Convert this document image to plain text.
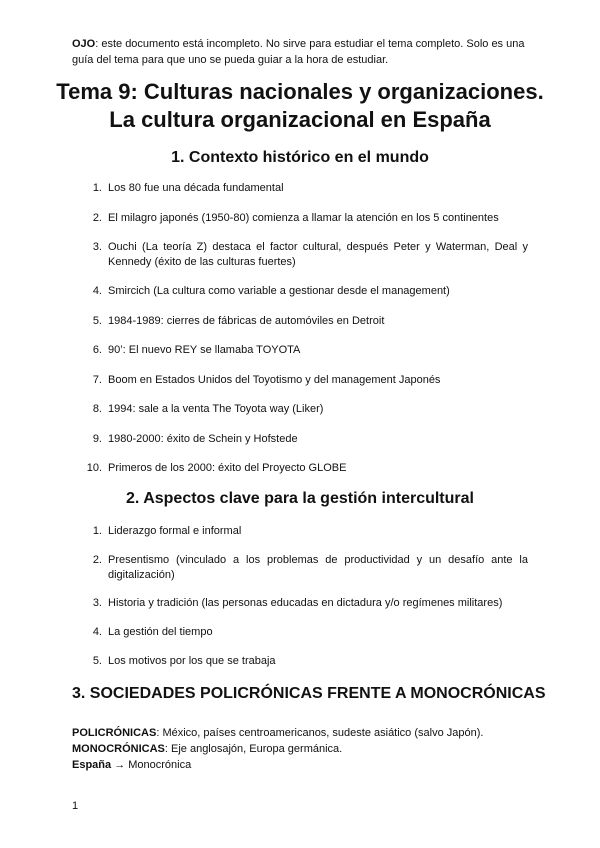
OJO: este documento está incompleto. No sirve para estudiar el tema completo. Solo es una guía del tema para que uno se pueda guiar a la hora de estudiar.

Tema 9: Culturas nacionales y organizaciones.
La cultura organizacional en España
1. Contexto histórico en el mundo
1. Los 80 fue una década fundamental
2. El milagro japonés (1950-80) comienza a llamar la atención en los 5 continentes
3. Ouchi (La teoría Z) destaca el factor cultural, después Peter y Waterman, Deal y Kennedy (éxito de las culturas fuertes)
4. Smircich (La cultura como variable a gestionar desde el management)
5. 1984-1989: cierres de fábricas de automóviles en Detroit
6. 90’: El nuevo REY se llamaba TOYOTA
7. Boom en Estados Unidos del Toyotismo y del management Japonés
8. 1994: sale a la venta The Toyota way (Liker)
9. 1980-2000: éxito de Schein y Hofstede
10. Primeros de los 2000: éxito del Proyecto GLOBE
2. Aspectos clave para la gestión intercultural
1. Liderazgo formal e informal
2. Presentismo (vinculado a los problemas de productividad y un desafío ante la digitalización)
3. Historia y tradición (las personas educadas en dictadura y/o regímenes militares)
4. La gestión del tiempo
5. Los motivos por los que se trabaja
3. SOCIEDADES POLICRÓNICAS FRENTE A MONOCRÓNICAS
POLICRÓNICAS: México, países centroamericanos, sudeste asiático (salvo Japón).
MONOCRÓNICAS: Eje anglosajón, Europa germánica.
España → Monocrónica

1
